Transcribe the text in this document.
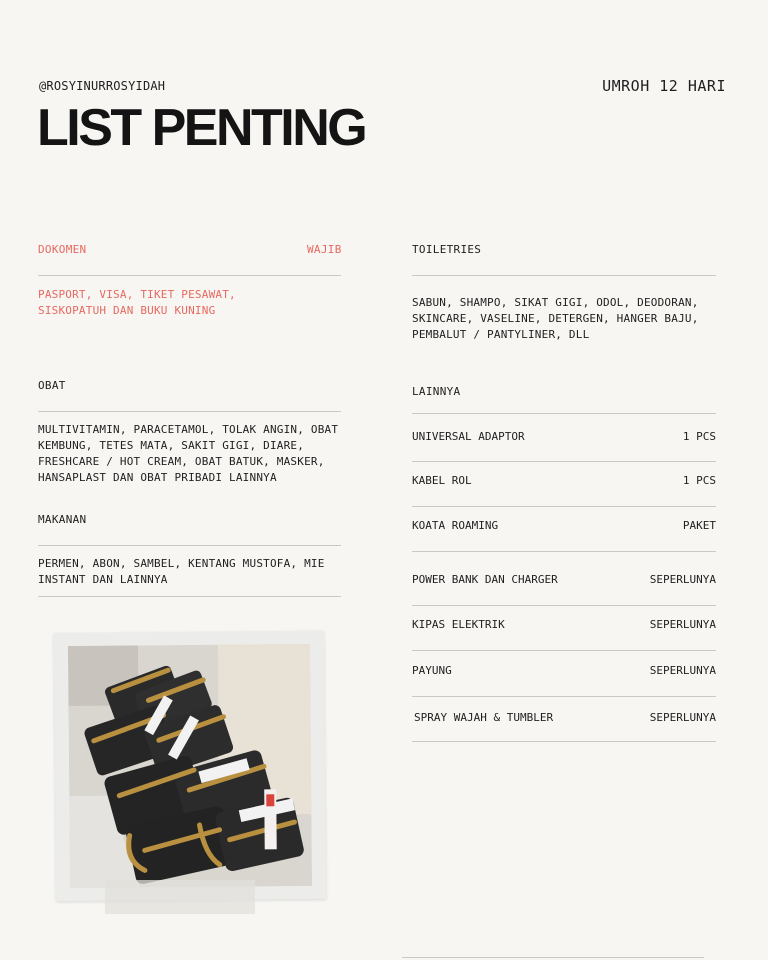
@ROSYINURROSYIDAH	UMROH 12 HARI
LIST PENTING
DOKOMEN	WAJIB
PASPORT, VISA, TIKET PESAWAT,
SISKOPATUH DAN BUKU KUNING
OBAT
MULTIVITAMIN, PARACETAMOL, TOLAK ANGIN, OBAT
KEMBUNG, TETES MATA, SAKIT GIGI, DIARE,
FRESHCARE / HOT CREAM, OBAT BATUK, MASKER,
HANSAPLAST DAN OBAT PRIBADI LAINNYA
MAKANAN
PERMEN, ABON, SAMBEL, KENTANG MUSTOFA, MIE
INSTANT DAN LAINNYA
TOILETRIES
SABUN, SHAMPO, SIKAT GIGI, ODOL, DEODORAN,
SKINCARE, VASELINE, DETERGEN, HANGER BAJU,
PEMBALUT / PANTYLINER, DLL
LAINNYA
UNIVERSAL ADAPTOR	1 PCS
KABEL ROL	1 PCS
KOATA ROAMING	PAKET
POWER BANK DAN CHARGER	SEPERLUNYA
KIPAS ELEKTRIK	SEPERLUNYA
PAYUNG	SEPERLUNYA
SPRAY WAJAH & TUMBLER	SEPERLUNYA
